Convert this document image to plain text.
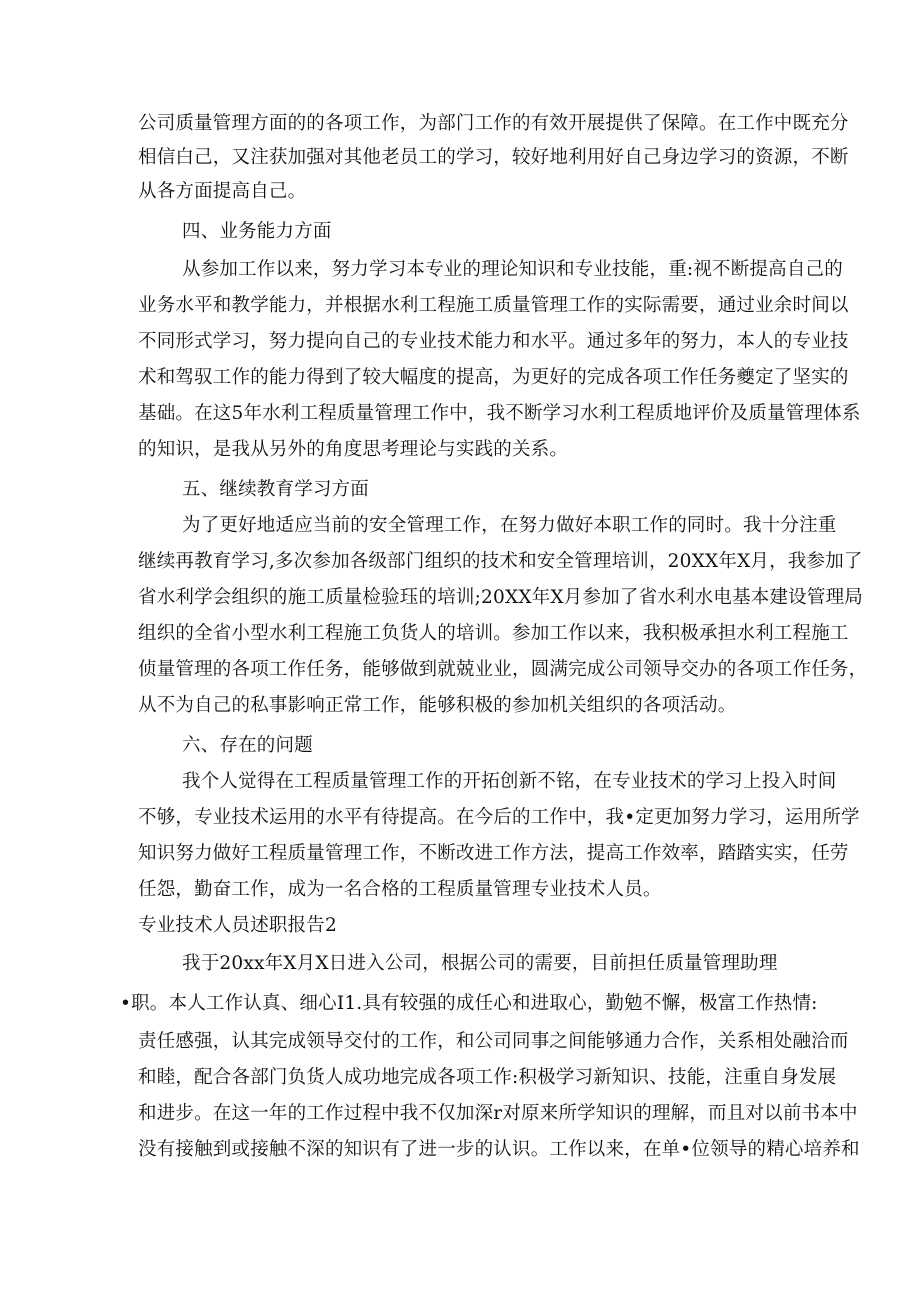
公司质量管理方面的的各项工作，为部门工作的有效开展提供了保障。在工作中既充分
相信白己，又注获加强对其他老员工的学习，较好地利用好自己身边学习的资源，不断
从各方面提高自己。
四、业务能力方面
从参加工作以来，努力学习本专业的理论知识和专业技能，重:视不断提高自己的
业务水平和教学能力，并根据水利工程施工质量管理工作的实际需要，通过业余时间以
不同形式学习，努力提向自己的专业技术能力和水平。通过多年的努力，本人的专业技
术和驾驭工作的能力得到了较大幅度的提高，为更好的完成各项工作任务夔定了坚实的
基础。在这5年水利工程质量管理工作中，我不断学习水利工程质地评价及质量管理体系
的知识，是我从另外的角度思考理论与实践的关系。
五、继续教育学习方面
为了更好地适应当前的安全管理工作，在努力做好本职工作的同时。我十分注重
继续再教育学习,多次参加各级部门组织的技术和安全管理培训，20XX年X月，我参加了
省水利学会组织的施工质量检验珏的培训;20XX年X月参加了省水利水电基本建设管理局
组织的全省小型水利工程施工负货人的培训。参加工作以来，我积极承担水利工程施工
侦量管理的各项工作任务，能够做到就兢业业，圆满完成公司领导交办的各项工作任务，
从不为自己的私事影响正常工作，能够积极的参加机关组织的各项活动。
六、存在的问题
我个人觉得在工程质量管理工作的开拓创新不铭，在专业技术的学习上投入时间
不够，专业技术运用的水平有待提高。在今后的工作中，我•定更加努力学习，运用所学
知识努力做好工程质量管理工作，不断改进工作方法，提高工作效率，踏踏实实，任劳
任怨，勤奋工作，成为一名合格的工程质量管理专业技术人员。
专业技术人员述职报告2
我于20xx年X月X日进入公司，根据公司的需要，目前担任质量管理助理
•职。本人工作认真、细心I1.具有较强的成任心和进取心，勤勉不懈，极富工作热情:
责任感强，认其完成领导交付的工作，和公司同事之间能够通力合作，关系相处融洽而
和睦，配合各部门负货人成功地完成各项工作:积极学习新知识、技能，注重自身发展
和进步。在这一年的工作过程中我不仅加深r对原来所学知识的理解，而且对以前书本中
没有接触到或接触不深的知识有了进一步的认识。工作以来，在单•位领导的精心培养和
